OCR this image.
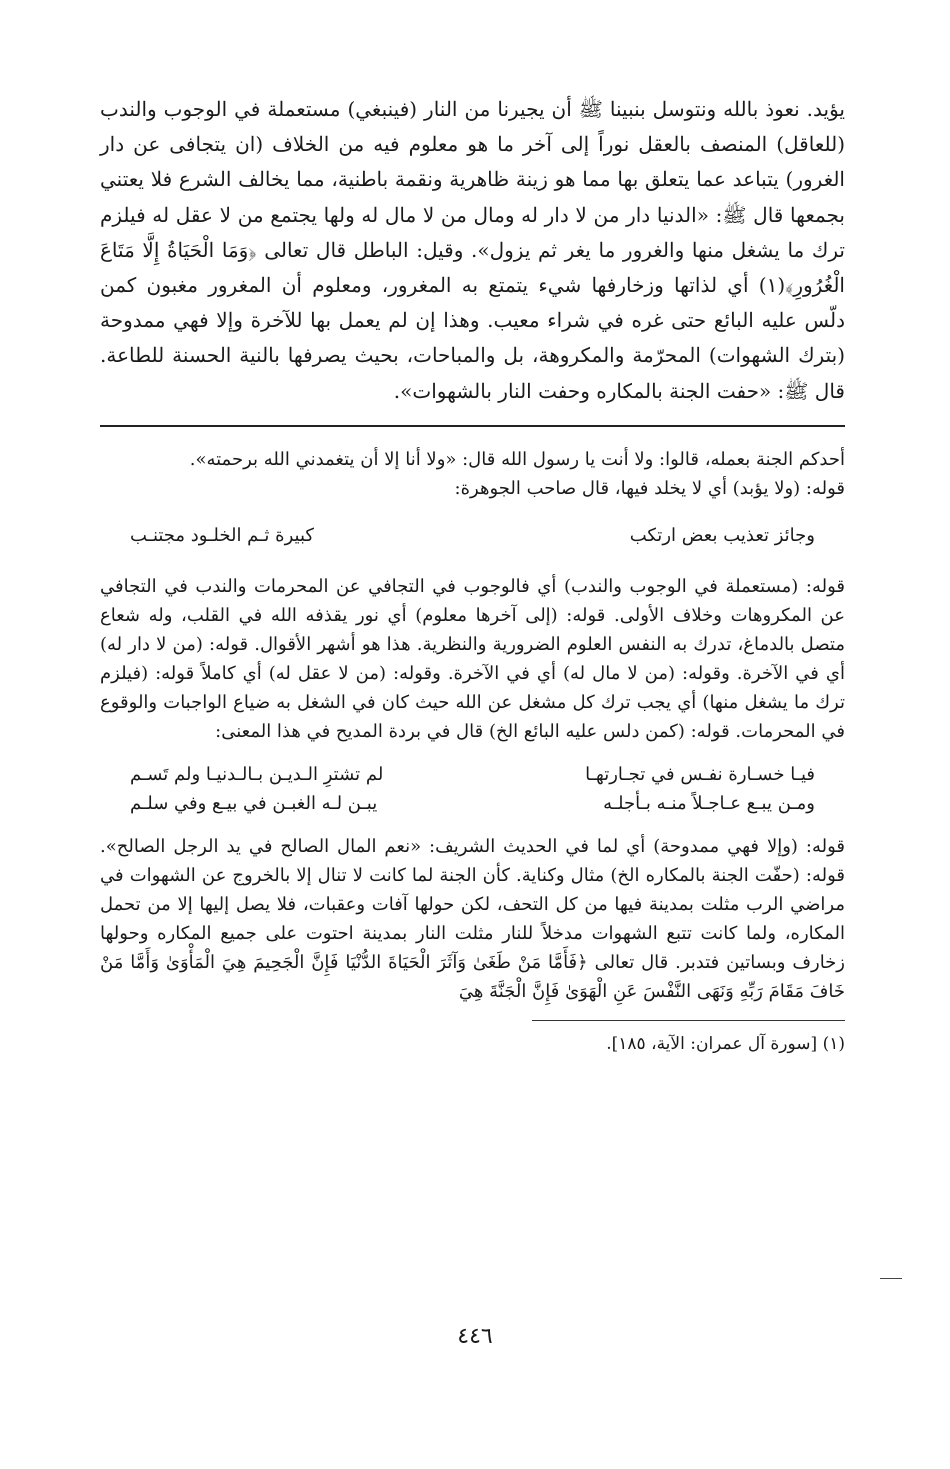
يؤيد. نعوذ بالله ونتوسل بنبينا ﷺ أن يجيرنا من النار (فينبغي) مستعملة في الوجوب والندب (للعاقل) المنصف بالعقل نوراً إلى آخر ما هو معلوم فيه من الخلاف (ان يتجافى عن دار الغرور) يتباعد عما يتعلق بها مما هو زينة ظاهرية ونقمة باطنية، مما يخالف الشرع فلا يعتني بجمعها قال ﷺ: «الدنيا دار من لا دار له ومال من لا مال له ولها يجتمع من لا عقل له فيلزم ترك ما يشغل منها والغرور ما يغر ثم يزول». وقيل: الباطل قال تعالى ﴿وَمَا الْحَيَاةُ إِلَّا مَتَاعَ الْغُرُورِ﴾(١) أي لذاتها وزخارفها شيء يتمتع به المغرور، ومعلوم أن المغرور مغبون كمن دلّس عليه البائع حتى غره في شراء معيب. وهذا إن لم يعمل بها للآخرة وإلا فهي ممدوحة (بترك الشهوات) المحرّمة والمكروهة، بل والمباحات، بحيث يصرفها بالنية الحسنة للطاعة. قال ﷺ: «حفت الجنة بالمكاره وحفت النار بالشهوات».

أحدكم الجنة بعمله، قالوا: ولا أنت يا رسول الله قال: «ولا أنا إلا أن يتغمدني الله برحمته».

قوله: (ولا يؤبد) أي لا يخلد فيها، قال صاحب الجوهرة:

وجائز تعذيب بعض ارتكب
كبيرة ثـم الخلـود مجتنـب

قوله: (مستعملة في الوجوب والندب) أي فالوجوب في التجافي عن المحرمات والندب في التجافي عن المكروهات وخلاف الأولى. قوله: (إلى آخرها معلوم) أي نور يقذفه الله في القلب، وله شعاع متصل بالدماغ، تدرك به النفس العلوم الضرورية والنظرية. هذا هو أشهر الأقوال. قوله: (من لا دار له) أي في الآخرة. وقوله: (من لا مال له) أي في الآخرة. وقوله: (من لا عقل له) أي كاملاً قوله: (فيلزم ترك ما يشغل منها) أي يجب ترك كل مشغل عن الله حيث كان في الشغل به ضياع الواجبات والوقوع في المحرمات. قوله: (كمن دلس عليه البائع الخ) قال في بردة المديح في هذا المعنى:

فيـا خسـارة نفـس في تجـارتهـا
لم تشترِ الـديـن بـالـدنيـا ولم تَسـم
ومـن يبـع عـاجـلاً منـه بـأجلـه
يبـن لـه الغبـن في بيـع وفي سلـم

قوله: (وإلا فهي ممدوحة) أي لما في الحديث الشريف: «نعم المال الصالح في يد الرجل الصالح». قوله: (حفّت الجنة بالمكاره الخ) مثال وكناية. كأن الجنة لما كانت لا تنال إلا بالخروج عن الشهوات في مراضي الرب مثلت بمدينة فيها من كل التحف، لكن حولها آفات وعقبات، فلا يصل إليها إلا من تحمل المكاره، ولما كانت تتبع الشهوات مدخلاً للنار مثلت النار بمدينة احتوت على جميع المكاره وحولها زخارف وبساتين فتدبر. قال تعالى ﴿فَأَمَّا مَنْ طَغَىٰ وَآثَرَ الْحَيَاةَ الدُّنْيَا فَإِنَّ الْجَحِيمَ هِيَ الْمَأْوَىٰ وَأَمَّا مَنْ خَافَ مَقَامَ رَبِّهِ وَنَهَى النَّفْسَ عَنِ الْهَوَىٰ فَإِنَّ الْجَنَّةَ هِيَ

(١) [سورة آل عمران: الآية، ١٨٥].

٤٤٦
